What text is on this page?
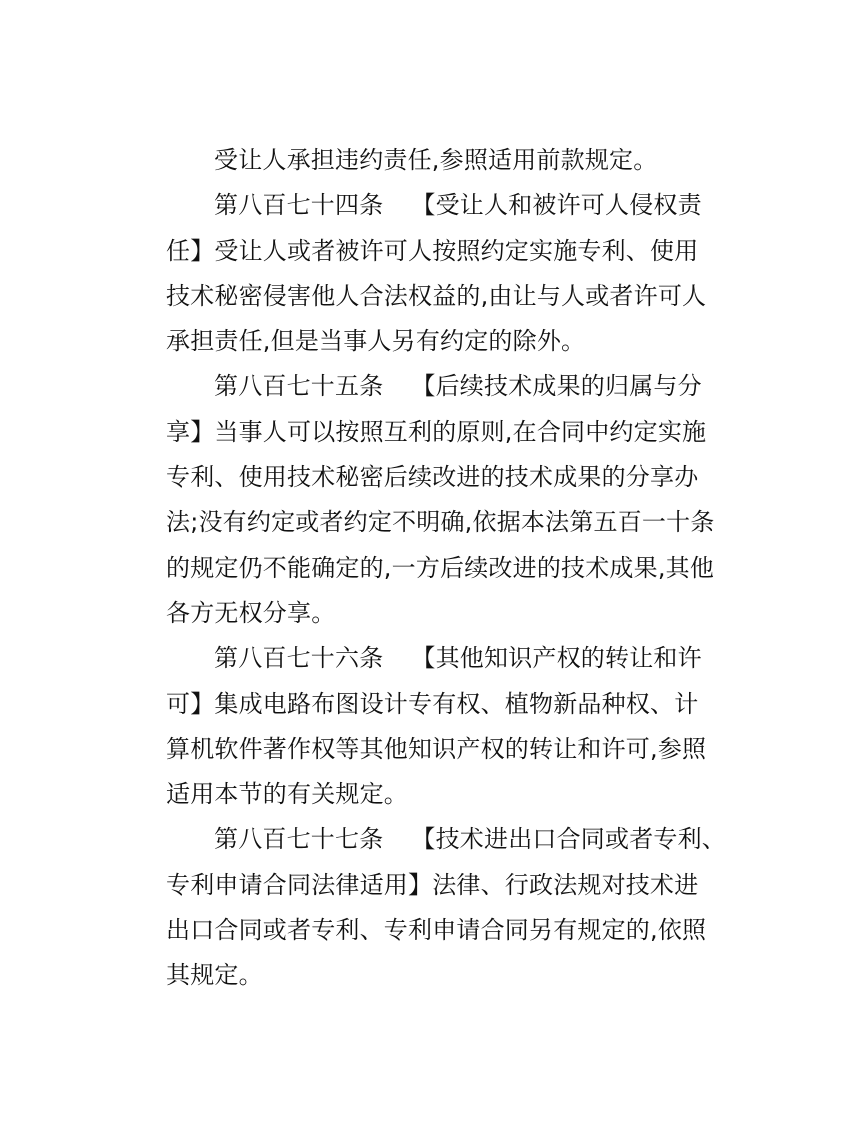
受让人承担违约责任,参照适用前款规定。
第八百七十四条 【受让人和被许可人侵权责
任】受让人或者被许可人按照约定实施专利、使用
技术秘密侵害他人合法权益的,由让与人或者许可人
承担责任,但是当事人另有约定的除外。
第八百七十五条 【后续技术成果的归属与分
享】当事人可以按照互利的原则,在合同中约定实施
专利、使用技术秘密后续改进的技术成果的分享办
法;没有约定或者约定不明确,依据本法第五百一十条
的规定仍不能确定的,一方后续改进的技术成果,其他
各方无权分享。
第八百七十六条 【其他知识产权的转让和许
可】集成电路布图设计专有权、植物新品种权、计
算机软件著作权等其他知识产权的转让和许可,参照
适用本节的有关规定。
第八百七十七条 【技术进出口合同或者专利、
专利申请合同法律适用】法律、行政法规对技术进
出口合同或者专利、专利申请合同另有规定的,依照
其规定。
